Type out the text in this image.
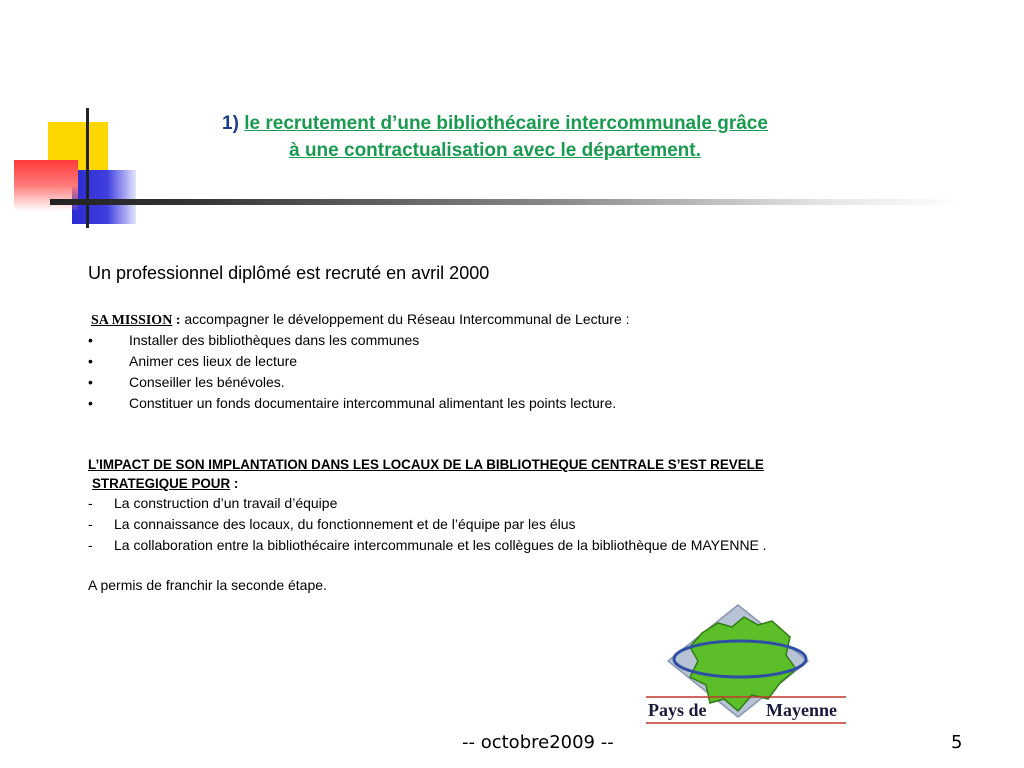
1) le recrutement d’une bibliothécaire intercommunale grâce
à une contractualisation avec le département.
Un professionnel diplômé est recruté en avril 2000
SA MISSION : accompagner le développement du Réseau Intercommunal de Lecture :
•	Installer des bibliothèques dans les communes
•	Animer ces lieux de lecture
•	Conseiller les bénévoles.
•	Constituer un fonds documentaire intercommunal alimentant les points lecture.
L’IMPACT DE SON IMPLANTATION DANS LES LOCAUX DE LA BIBLIOTHEQUE CENTRALE S’EST REVELE
STRATEGIQUE POUR :
- La construction d’un travail d’équipe
- La connaissance des locaux, du fonctionnement et de l’équipe par les élus
- La collaboration entre la bibliothécaire intercommunale et les collègues de la bibliothèque de MAYENNE .
A permis de franchir la seconde étape.
Pays de	Mayenne
-- octobre2009 --	5
